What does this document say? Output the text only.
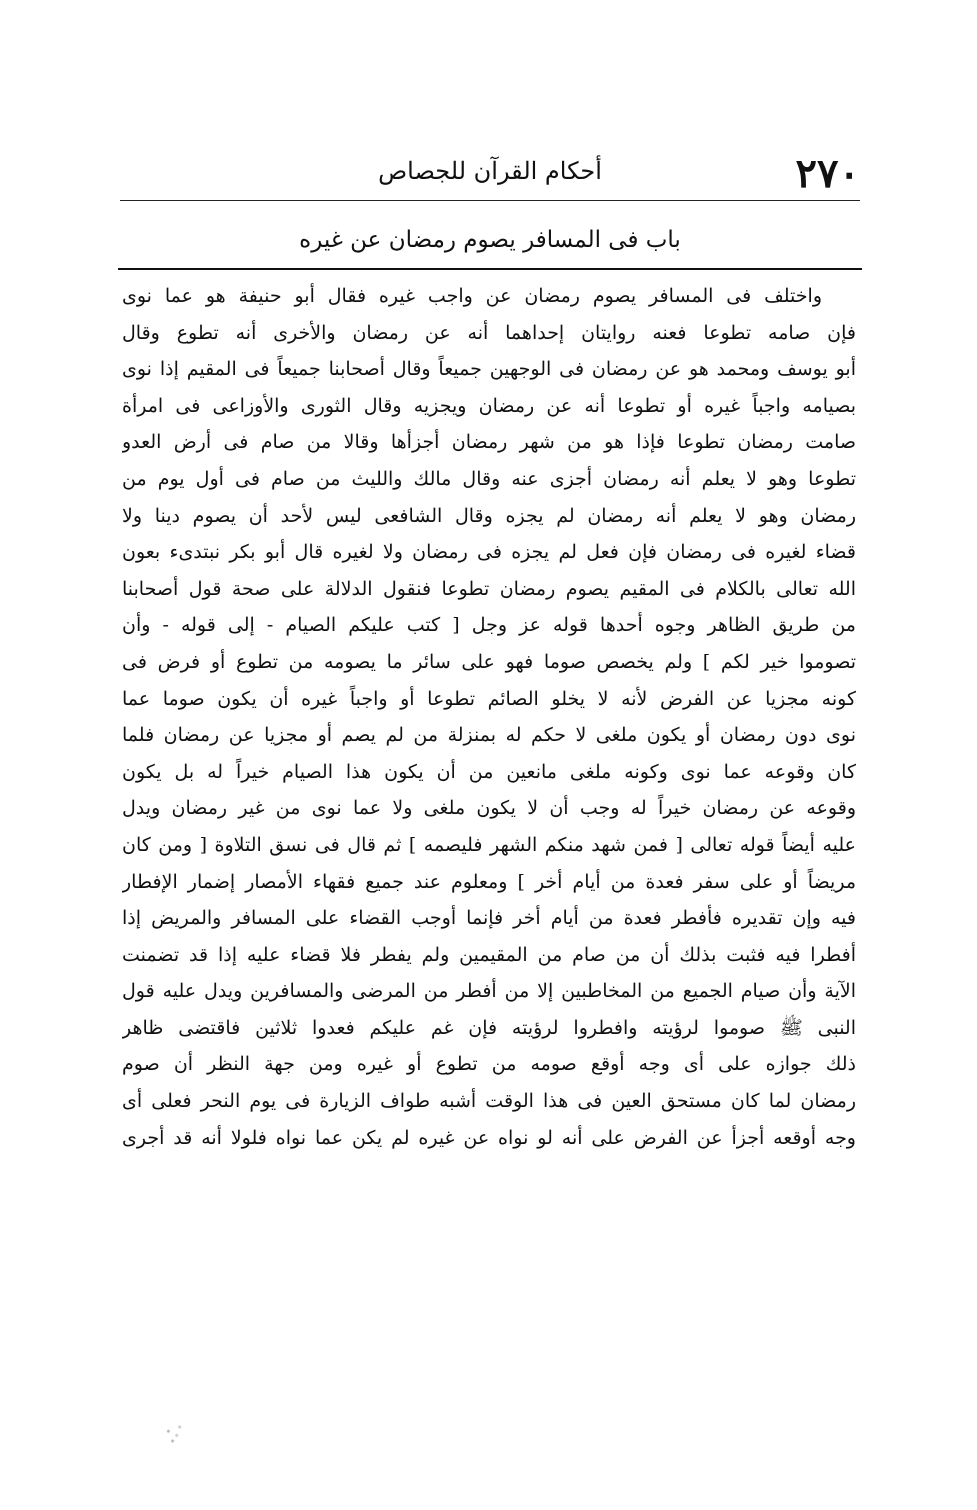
٢٧٠
أحكام القرآن للجصاص
باب فى المسافر يصوم رمضان عن غيره
واختلف فى المسافر يصوم رمضان عن واجب غيره فقال أبو حنيفة هو عما نوى
فإن صامه تطوعا فعنه روايتان إحداهما أنه عن رمضان والأخرى أنه تطوع وقال
أبو يوسف ومحمد هو عن رمضان فى الوجهين جميعاً وقال أصحابنا جميعاً فى المقيم إذا نوى
بصيامه واجباً غيره أو تطوعا أنه عن رمضان ويجزيه وقال الثورى والأوزاعى فى امرأة
صامت رمضان تطوعا فإذا هو من شهر رمضان أجزأها وقالا من صام فى أرض العدو
تطوعا وهو لا يعلم أنه رمضان أجزى عنه وقال مالك والليث من صام فى أول يوم من
رمضان وهو لا يعلم أنه رمضان لم يجزه وقال الشافعى ليس لأحد أن يصوم دينا ولا
قضاء لغيره فى رمضان فإن فعل لم يجزه فى رمضان ولا لغيره قال أبو بكر نبتدىء بعون
الله تعالى بالكلام فى المقيم يصوم رمضان تطوعا فنقول الدلالة على صحة قول أصحابنا
من طريق الظاهر وجوه أحدها قوله عز وجل [ كتب عليكم الصيام - إلى قوله - وأن
تصوموا خير لكم ] ولم يخصص صوما فهو على سائر ما يصومه من تطوع أو فرض فى
كونه مجزيا عن الفرض لأنه لا يخلو الصائم تطوعا أو واجباً غيره أن يكون صوما عما
نوى دون رمضان أو يكون ملغى لا حكم له بمنزلة من لم يصم أو مجزيا عن رمضان فلما
كان وقوعه عما نوى وكونه ملغى مانعين من أن يكون هذا الصيام خيراً له بل يكون
وقوعه عن رمضان خيراً له وجب أن لا يكون ملغى ولا عما نوى من غير رمضان ويدل
عليه أيضاً قوله تعالى [ فمن شهد منكم الشهر فليصمه ] ثم قال فى نسق التلاوة [ ومن كان
مريضاً أو على سفر فعدة من أيام أخر ] ومعلوم عند جميع فقهاء الأمصار إضمار الإفطار
فيه وإن تقديره فأفطر فعدة من أيام أخر فإنما أوجب القضاء على المسافر والمريض إذا
أفطرا فيه فثبت بذلك أن من صام من المقيمين ولم يفطر فلا قضاء عليه إذا قد تضمنت
الآية وأن صيام الجميع من المخاطبين إلا من أفطر من المرضى والمسافرين ويدل عليه قول
النبى ﷺ صوموا لرؤيته وافطروا لرؤيته فإن غم عليكم فعدوا ثلاثين فاقتضى ظاهر
ذلك جوازه على أى وجه أوقع صومه من تطوع أو غيره ومن جهة النظر أن صوم
رمضان لما كان مستحق العين فى هذا الوقت أشبه طواف الزيارة فى يوم النحر فعلى أى
وجه أوقعه أجزأ عن الفرض على أنه لو نواه عن غيره لم يكن عما نواه فلولا أنه قد أجرى
